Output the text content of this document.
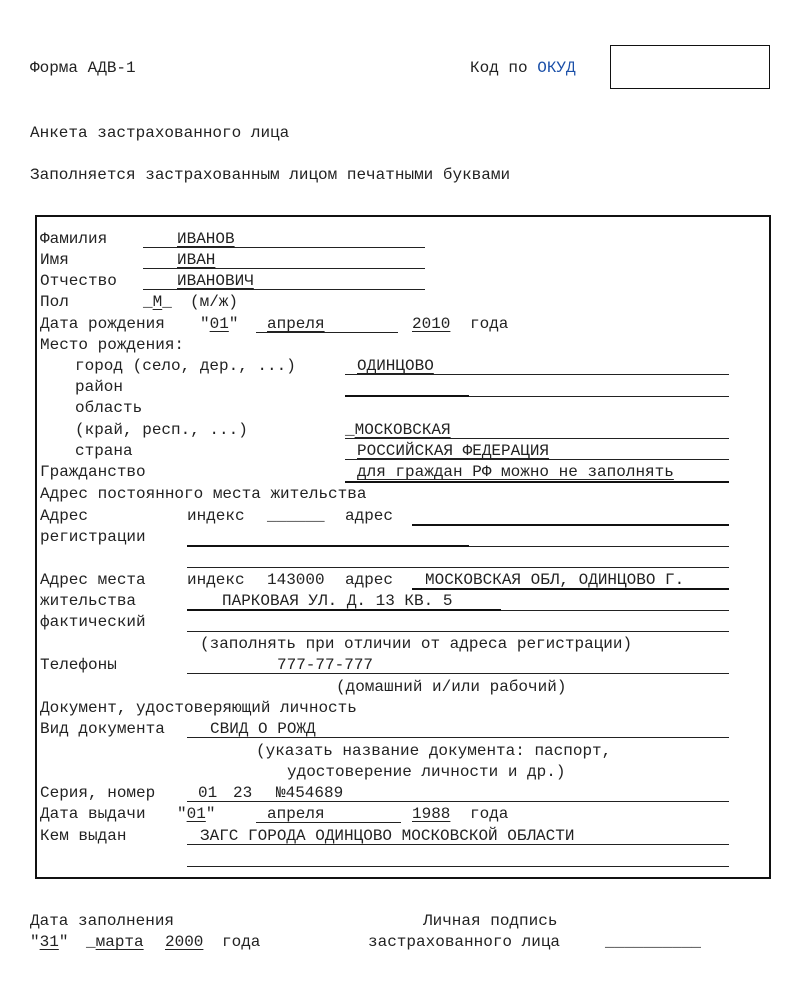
Форма АДВ-1	Код по ОКУД
Анкета застрахованного лица
Заполняется застрахованным лицом печатными буквами
Фамилия	ИВАНОВ
Имя	ИВАН
Отчество	ИВАНОВИЧ
Пол	_М_ (м/ж)
Дата рождения "01" апреля	2010 года
Место рождения:
город (село, дер., ...)	ОДИНЦОВО
район
область
(край, респ., ...)	_МОСКОВСКАЯ
страна	РОССИЙСКАЯ ФЕДЕРАЦИЯ
Гражданство	для граждан РФ можно не заполнять
Адрес постоянного места жительства
Адрес	индекс ______ адрес
регистрации
Адрес места	индекс 143000 адрес МОСКОВСКАЯ ОБЛ, ОДИНЦОВО Г.
жительства	ПАРКОВАЯ УЛ. Д. 13 КВ. 5
фактический
(заполнять при отличии от адреса регистрации)
Телефоны	777-77-777
(домашний и/или рабочий)
Документ, удостоверяющий личность
Вид документа	СВИД О РОЖД
(указать название документа: паспорт,
удостоверение личности и др.)
Серия, номер	01 23 №454689
Дата выдачи "01"	апреля	1988 года
Кем выдан	ЗАГС ГОРОДА ОДИНЦОВО МОСКОВСКОЙ ОБЛАСТИ
Дата заполнения
"31" _марта 2000 года
Личная подпись
застрахованного лица	__________
